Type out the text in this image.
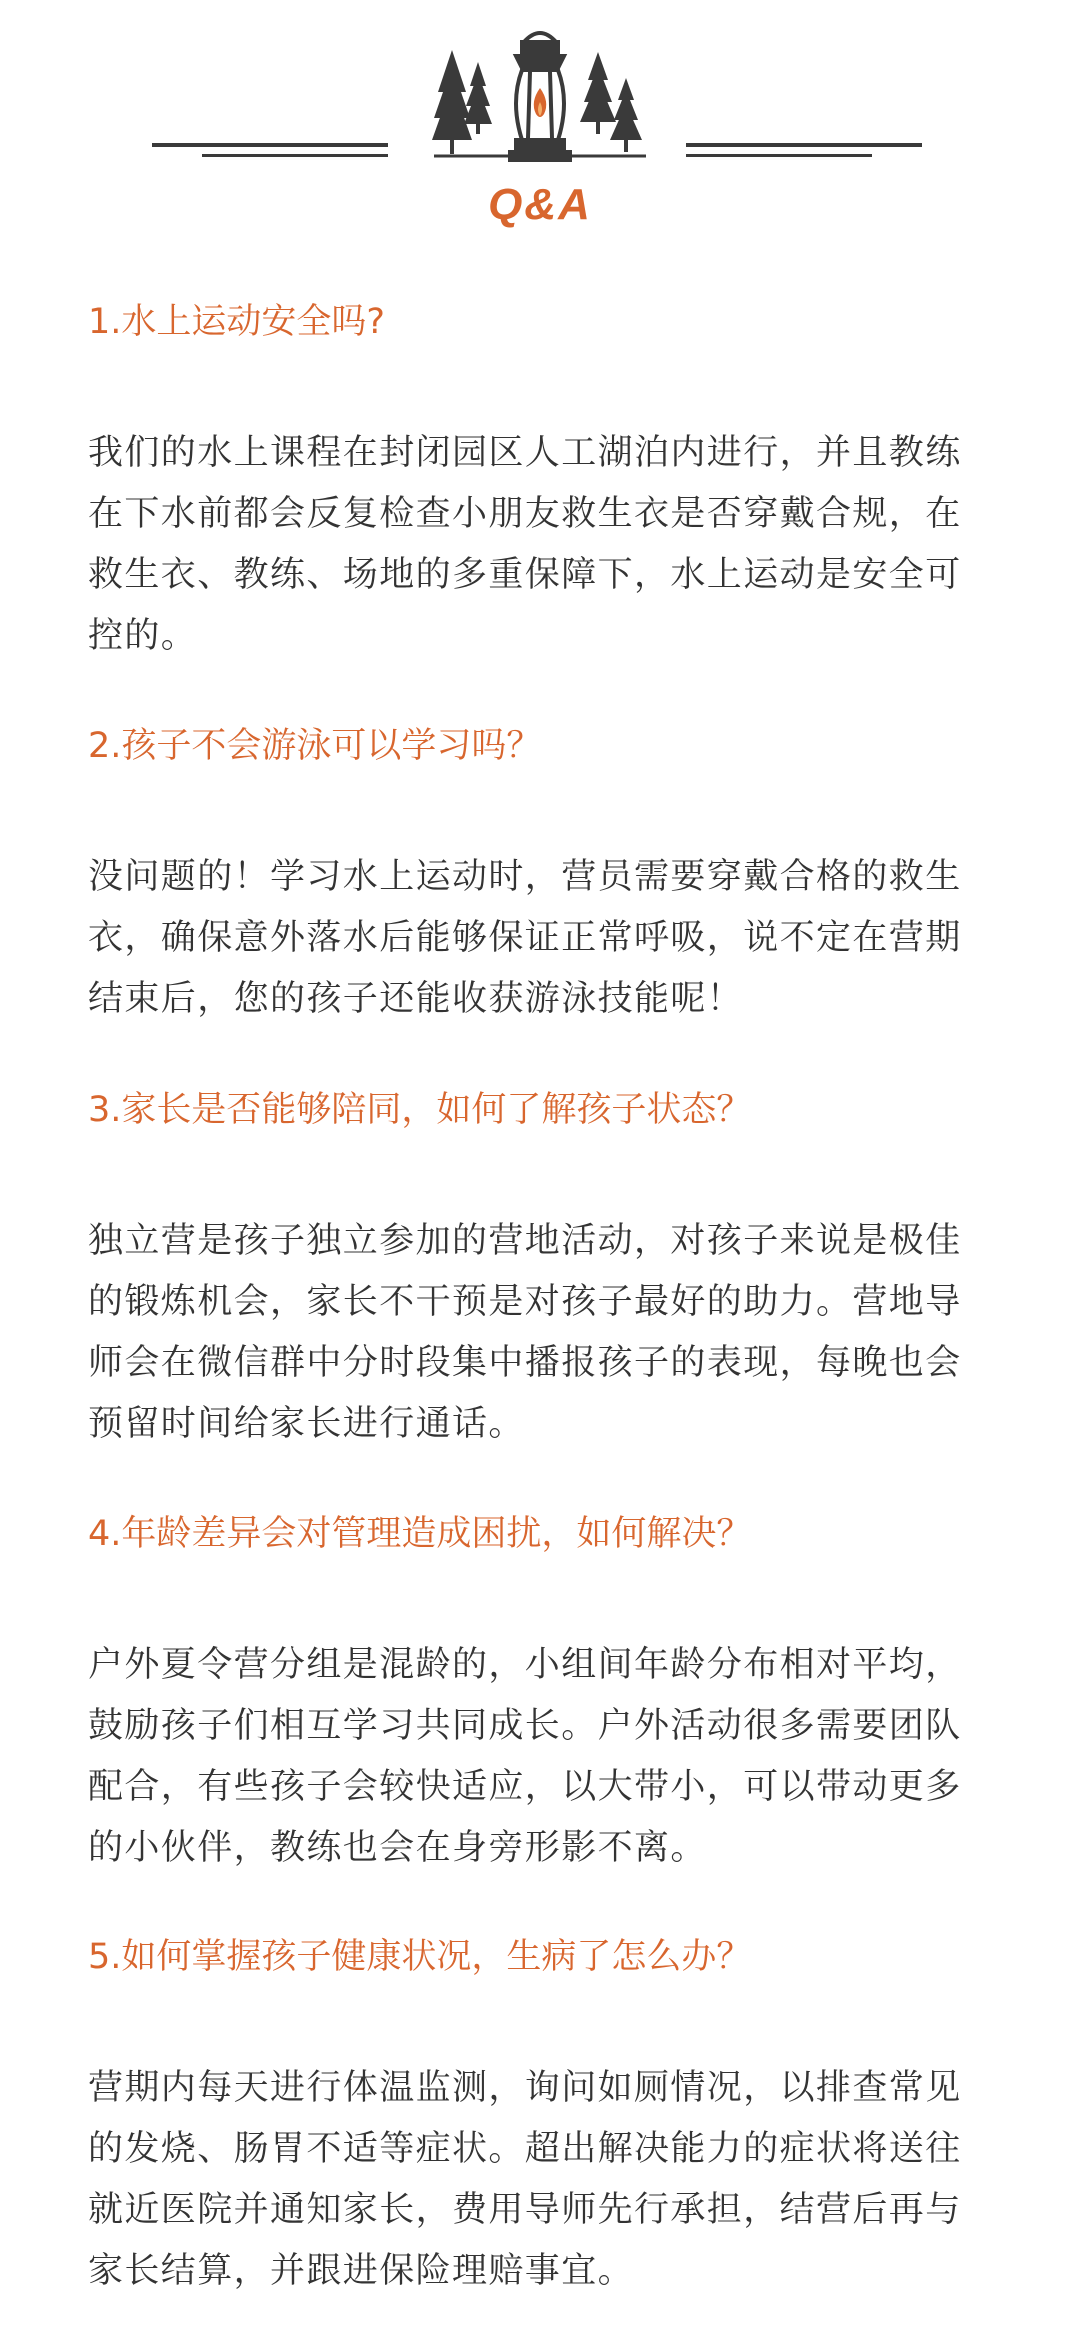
Q&A

1.水上运动安全吗?

我们的水上课程在封闭园区人工湖泊内进行，并且教练
在下水前都会反复检查小朋友救生衣是否穿戴合规，在
救生衣、教练、场地的多重保障下，水上运动是安全可
控的。

2.孩子不会游泳可以学习吗？

没问题的！学习水上运动时，营员需要穿戴合格的救生
衣，确保意外落水后能够保证正常呼吸，说不定在营期
结束后，您的孩子还能收获游泳技能呢！

3.家长是否能够陪同，如何了解孩子状态？

独立营是孩子独立参加的营地活动，对孩子来说是极佳
的锻炼机会，家长不干预是对孩子最好的助力。营地导
师会在微信群中分时段集中播报孩子的表现，每晚也会
预留时间给家长进行通话。

4.年龄差异会对管理造成困扰，如何解决？

户外夏令营分组是混龄的，小组间年龄分布相对平均，
鼓励孩子们相互学习共同成长。户外活动很多需要团队
配合，有些孩子会较快适应，以大带小，可以带动更多
的小伙伴，教练也会在身旁形影不离。

5.如何掌握孩子健康状况，生病了怎么办？

营期内每天进行体温监测，询问如厕情况，以排查常见
的发烧、肠胃不适等症状。超出解决能力的症状将送往
就近医院并通知家长，费用导师先行承担，结营后再与
家长结算，并跟进保险理赔事宜。
